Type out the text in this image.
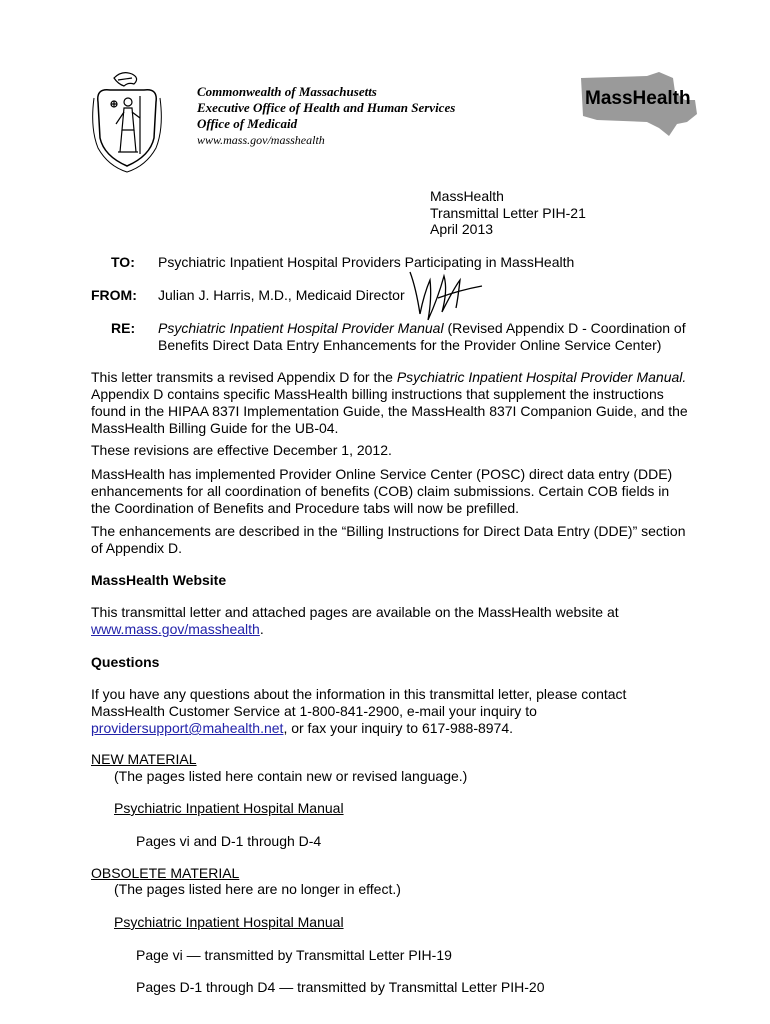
Commonwealth of Massachusetts
Executive Office of Health and Human Services
Office of Medicaid
www.mass.gov/masshealth
MassHealth
MassHealth
Transmittal Letter PIH-21
April 2013
TO: Psychiatric Inpatient Hospital Providers Participating in MassHealth
FROM: Julian J. Harris, M.D., Medicaid Director
RE: Psychiatric Inpatient Hospital Provider Manual (Revised Appendix D - Coordination of Benefits Direct Data Entry Enhancements for the Provider Online Service Center)

This letter transmits a revised Appendix D for the Psychiatric Inpatient Hospital Provider Manual. Appendix D contains specific MassHealth billing instructions that supplement the instructions found in the HIPAA 837I Implementation Guide, the MassHealth 837I Companion Guide, and the MassHealth Billing Guide for the UB-04.

These revisions are effective December 1, 2012.

MassHealth has implemented Provider Online Service Center (POSC) direct data entry (DDE) enhancements for all coordination of benefits (COB) claim submissions. Certain COB fields in the Coordination of Benefits and Procedure tabs will now be prefilled.

The enhancements are described in the “Billing Instructions for Direct Data Entry (DDE)” section of Appendix D.

MassHealth Website

This transmittal letter and attached pages are available on the MassHealth website at
www.mass.gov/masshealth.

Questions

If you have any questions about the information in this transmittal letter, please contact MassHealth Customer Service at 1-800-841-2900, e-mail your inquiry to
providersupport@mahealth.net, or fax your inquiry to 617-988-8974.

NEW MATERIAL
(The pages listed here contain new or revised language.)
Psychiatric Inpatient Hospital Manual
Pages vi and D-1 through D-4
OBSOLETE MATERIAL
(The pages listed here are no longer in effect.)
Psychiatric Inpatient Hospital Manual
Page vi — transmitted by Transmittal Letter PIH-19
Pages D-1 through D4 — transmitted by Transmittal Letter PIH-20
